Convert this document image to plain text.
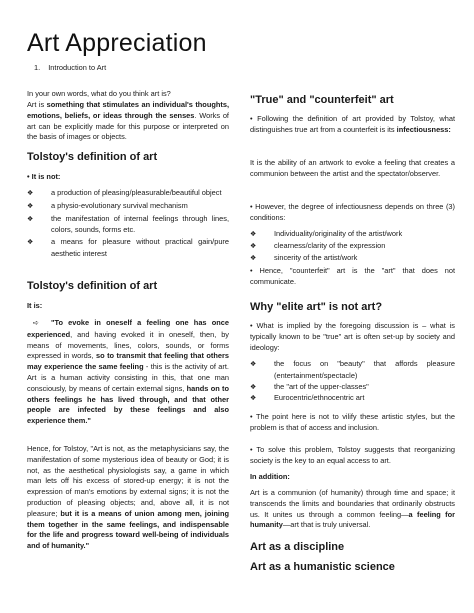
Art Appreciation
1. Introduction to Art
In your own words, what do you think art is?
Art is something that stimulates an individual's thoughts, emotions, beliefs, or ideas through the senses. Works of art can be explicitly made for this purpose or interpreted on the basis of images or objects.
Tolstoy's definition of art
• It is not:
❖ a production of pleasing/pleasurable/beautiful object
❖ a physio-evolutionary survival mechanism
❖ the manifestation of internal feelings through lines, colors, sounds, forms etc.
❖ a means for pleasure without practical gain/pure aesthetic interest
Tolstoy's definition of art
It is:
➪ "To evoke in oneself a feeling one has once experienced, and having evoked it in oneself, then, by means of movements, lines, colors, sounds, or forms expressed in words, so to transmit that feeling that others may experience the same feeling - this is the activity of art. Art is a human activity consisting in this, that one man consciously, by means of certain external signs, hands on to others feelings he has lived through, and that other people are infected by these feelings and also experience them."
Hence, for Tolstoy, "Art is not, as the metaphysicians say, the manifestation of some mysterious idea of beauty or God; it is not, as the aesthetical physiologists say, a game in which man lets off his excess of stored-up energy; it is not the expression of man's emotions by external signs; it is not the production of pleasing objects; and, above all, it is not pleasure; but it is a means of union among men, joining them together in the same feelings, and indispensable for the life and progress toward well-being of individuals and of humanity."
"True" and "counterfeit" art
• Following the definition of art provided by Tolstoy, what distinguishes true art from a counterfeit is its infectiousness:
It is the ability of an artwork to evoke a feeling that creates a communion between the artist and the spectator/observer.
• However, the degree of infectiousness depends on three (3) conditions:
❖ Individuality/originality of the artist/work
❖ clearness/clarity of the expression
❖ sincerity of the artist/work
• Hence, "counterfeit" art is the "art" that does not communicate.
Why "elite art" is not art?
• What is implied by the foregoing discussion is – what is typically known to be "true" art is often set-up by society and ideology:
❖ the focus on "beauty" that affords pleasure (entertainment/spectacle)
❖ the "art of the upper-classes"
❖ Eurocentric/ethnocentric art
• The point here is not to vilify these artistic styles, but the problem is that of access and inclusion.
• To solve this problem, Tolstoy suggests that reorganizing society is the key to an equal access to art.
In addition:
Art is a communion (of humanity) through time and space; it transcends the limits and boundaries that ordinarily obstructs us. It unites us through a common feeling—a feeling for humanity—art that is truly universal.
Art as a discipline
Art as a humanistic science
